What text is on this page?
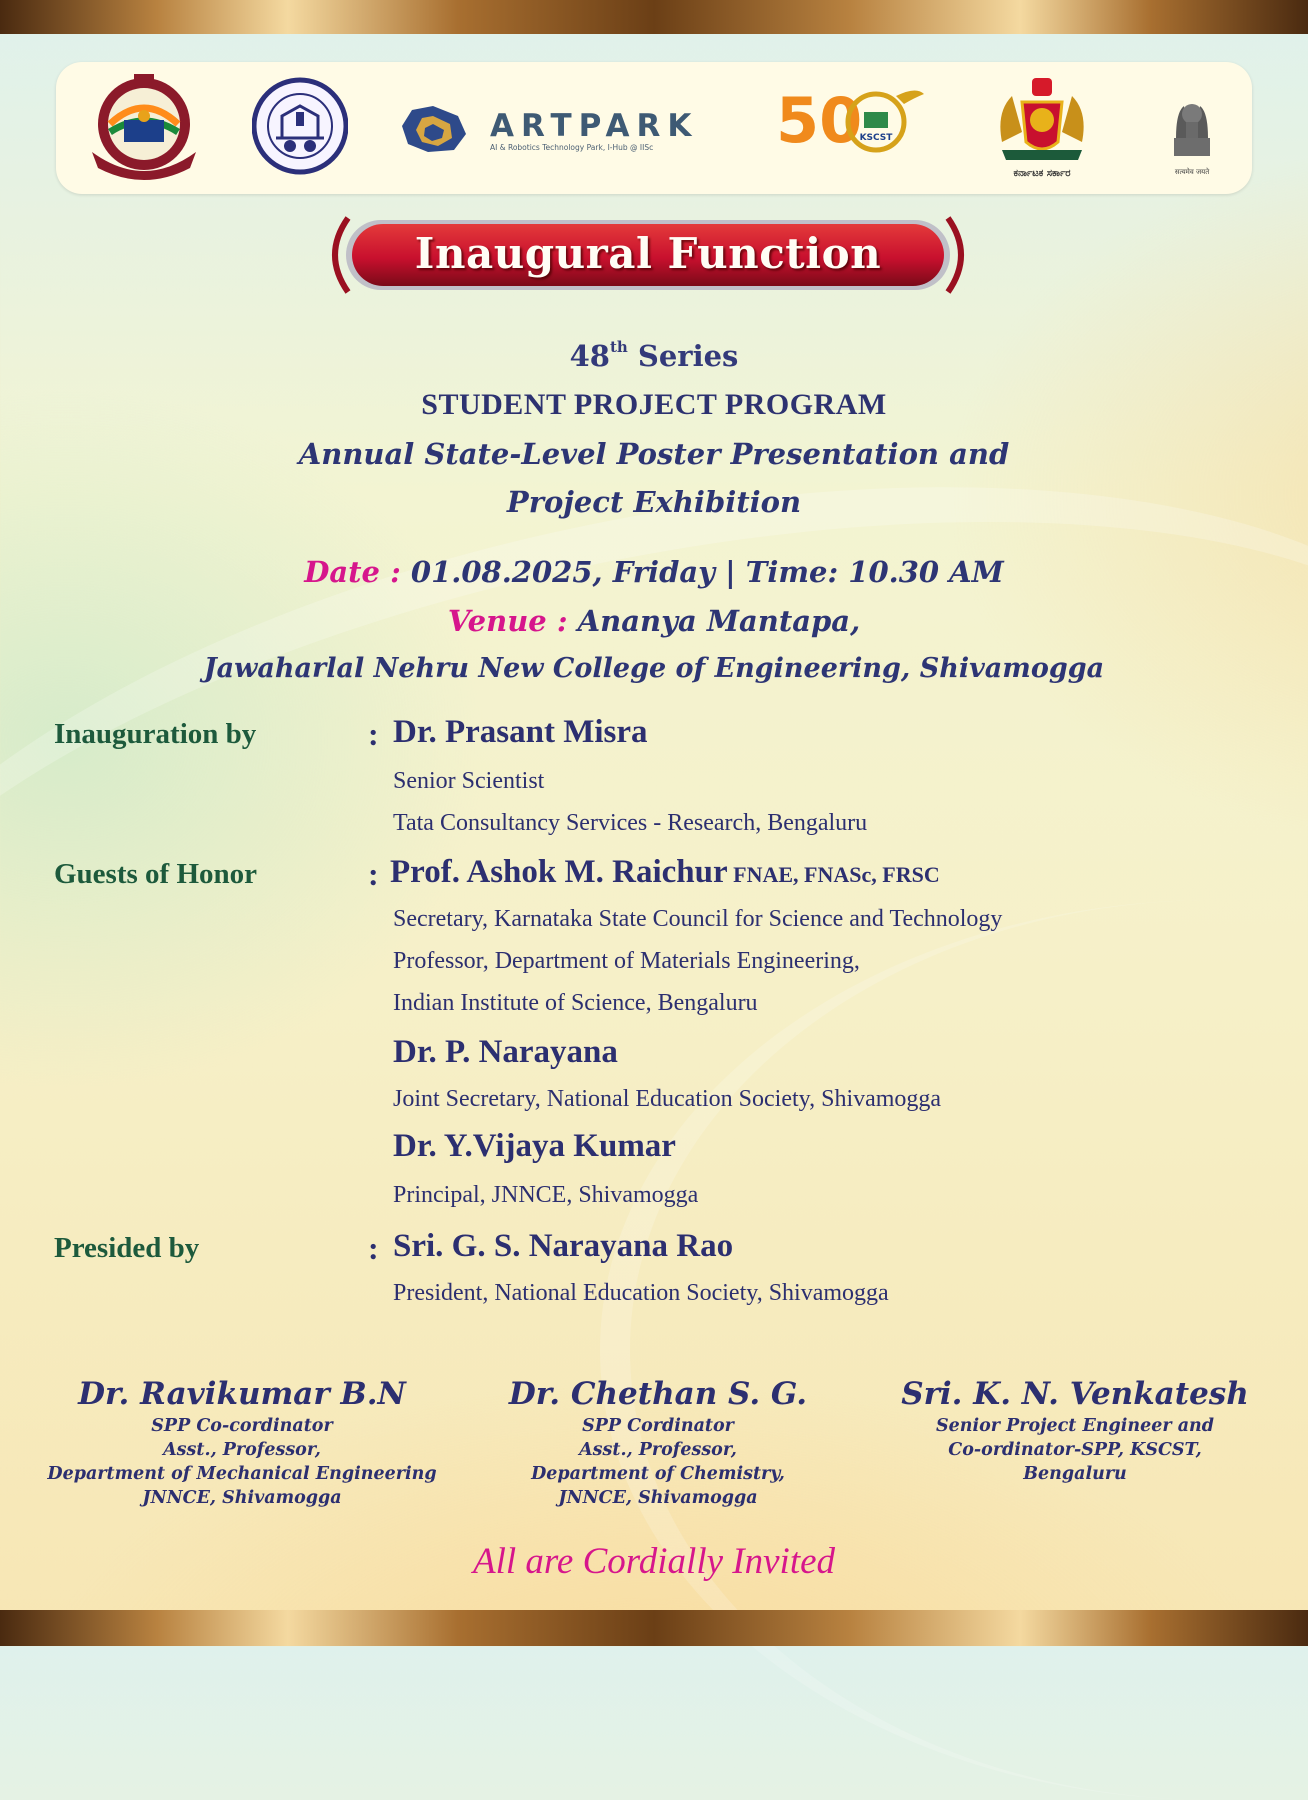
ARTPARK
AI & Robotics Technology Park, I-Hub @ IISc	50
KSCST
ಕರ್ನಾಟಕ ಸರ್ಕಾರ	सत्यमेव जयते
Inaugural Function
48th Series
STUDENT PROJECT PROGRAM
Annual State-Level Poster Presentation and
Project Exhibition
Date : 01.08.2025, Friday | Time: 10.30 AM
Venue : Ananya Mantapa,
Jawaharlal Nehru New College of Engineering, Shivamogga
Inauguration by	: Dr. Prasant Misra
Senior Scientist
Tata Consultancy Services - Research, Bengaluru
Guests of Honor	: Prof. Ashok M. Raichur FNAE, FNASc, FRSC
Secretary, Karnataka State Council for Science and Technology
Professor, Department of Materials Engineering,
Indian Institute of Science, Bengaluru
Dr. P. Narayana
Joint Secretary, National Education Society, Shivamogga
Dr. Y.Vijaya Kumar
Principal, JNNCE, Shivamogga
Presided by	: Sri. G. S. Narayana Rao
President, National Education Society, Shivamogga
Dr. Ravikumar B.N
SPP Co-cordinator
Asst., Professor,
Department of Mechanical Engineering
JNNCE, Shivamogga
Dr. Chethan S. G.
SPP Cordinator
Asst., Professor,
Department of Chemistry,
JNNCE, Shivamogga
Sri. K. N. Venkatesh
Senior Project Engineer and
Co-ordinator-SPP, KSCST,
Bengaluru
All are Cordially Invited
